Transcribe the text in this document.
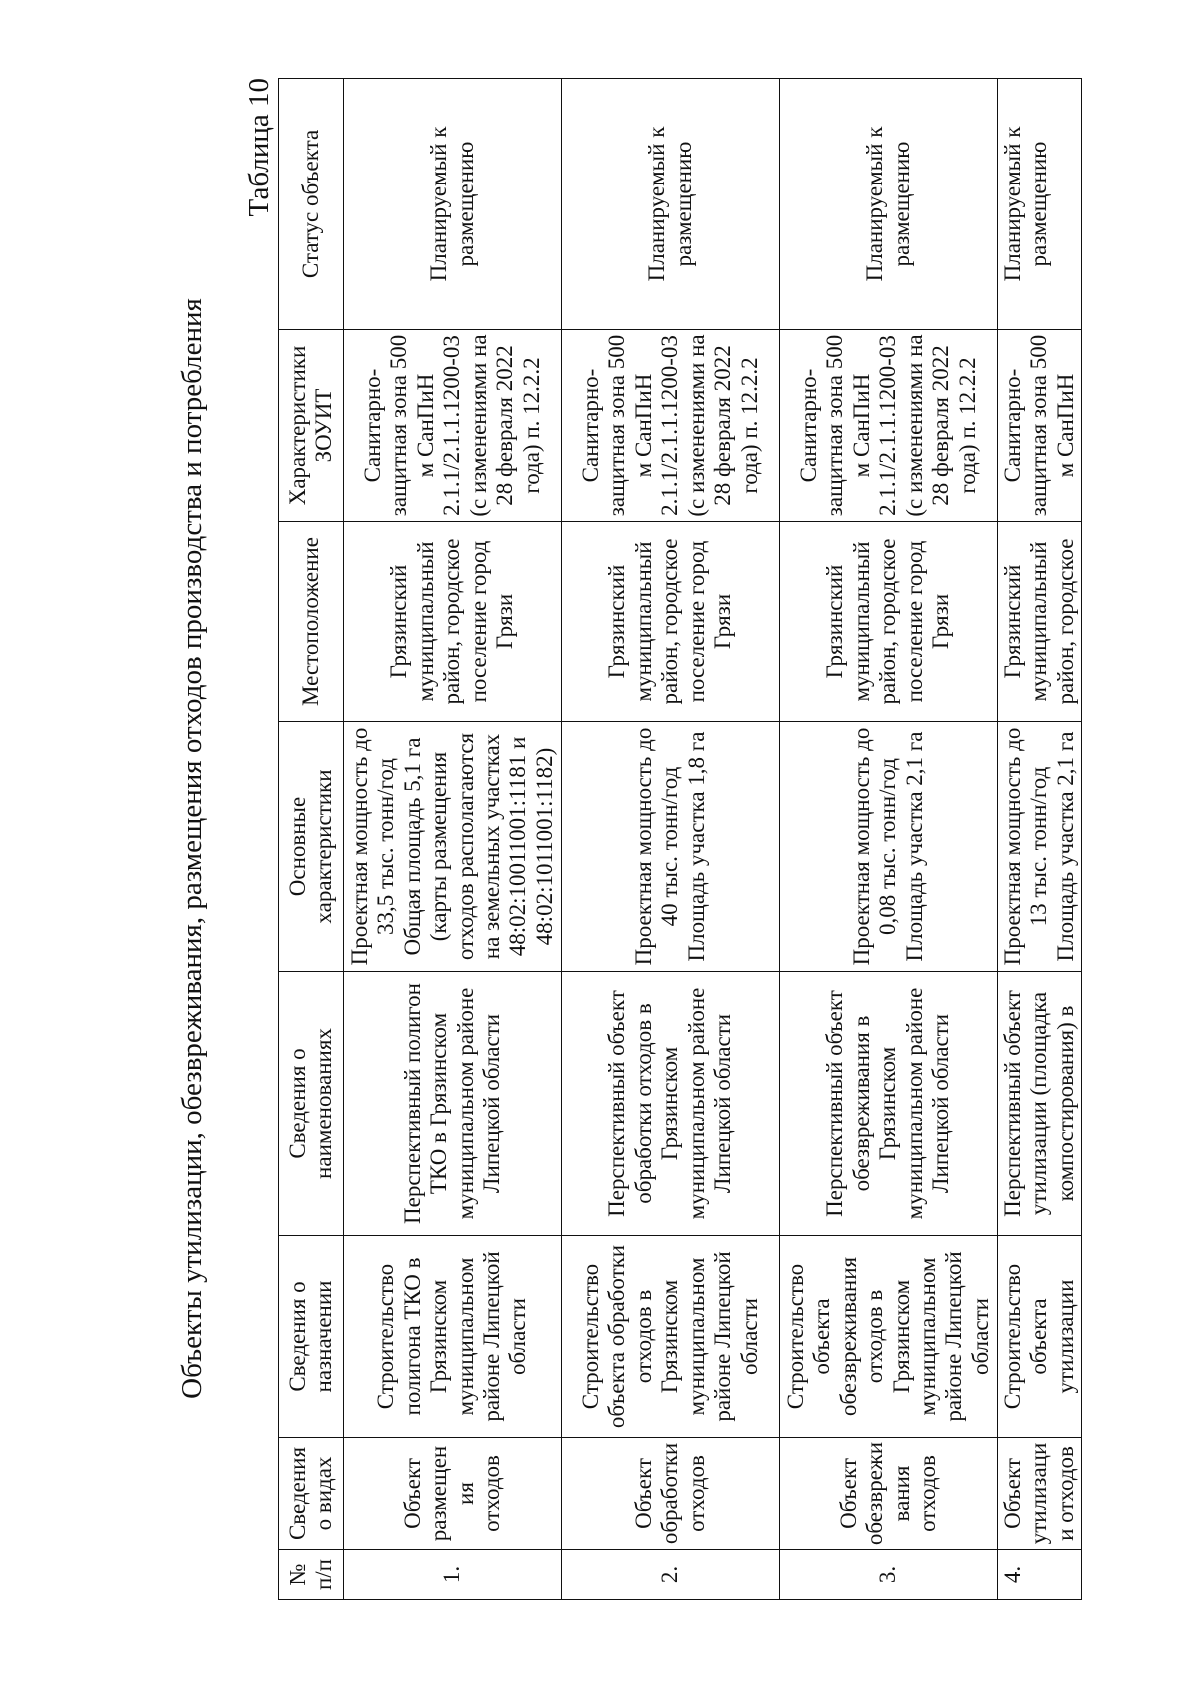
Объекты утилизации, обезвреживания, размещения отходов производства и потребления
Таблица 10
№ п/п	Сведения о видах	Сведения о назначении	Сведения о наименованиях	Основные характеристики	Местоположение	Характеристики ЗОУИТ	Статус объекта
1.	Объект размещения отходов	Строительство полигона ТКО в Грязинском муниципальном районе Липецкой области	Перспективный полигон ТКО в Грязинском муниципальном районе Липецкой области	Проектная мощность до 33,5 тыс. тонн/год Общая площадь 5,1 га (карты размещения отходов располагаются на земельных участках 48:02:10011001:1181 и 48:02:1011001:1182)	Грязинский муниципальный район, городское поселение город Грязи	Санитарно-защитная зона 500 м СанПиН 2.1.1/2.1.1.1200-03 (с изменениями на 28 февраля 2022 года) п. 12.2.2	Планируемый к размещению
2.	Объект обработки отходов	Строительство объекта обработки отходов в Грязинском муниципальном районе Липецкой области	Перспективный объект обработки отходов в Грязинском муниципальном районе Липецкой области	Проектная мощность до 40 тыс. тонн/год Площадь участка 1,8 га	Грязинский муниципальный район, городское поселение город Грязи	Санитарно-защитная зона 500 м СанПиН 2.1.1/2.1.1.1200-03 (с изменениями на 28 февраля 2022 года) п. 12.2.2	Планируемый к размещению
3.	Объект обезвреживания отходов	Строительство объекта обезвреживания отходов в Грязинском муниципальном районе Липецкой области	Перспективный объект обезвреживания в Грязинском муниципальном районе Липецкой области	Проектная мощность до 0,08 тыс. тонн/год Площадь участка 2,1 га	Грязинский муниципальный район, городское поселение город Грязи	Санитарно-защитная зона 500 м СанПиН 2.1.1/2.1.1.1200-03 (с изменениями на 28 февраля 2022 года) п. 12.2.2	Планируемый к размещению
4.	Объект утилизации отходов	Строительство объекта утилизации	Перспективный объект утилизации (площадка компостирования) в	Проектная мощность до 13 тыс. тонн/год Площадь участка 2,1 га	Грязинский муниципальный район, городское	Санитарно-защитная зона 500 м СанПиН	Планируемый к размещению
